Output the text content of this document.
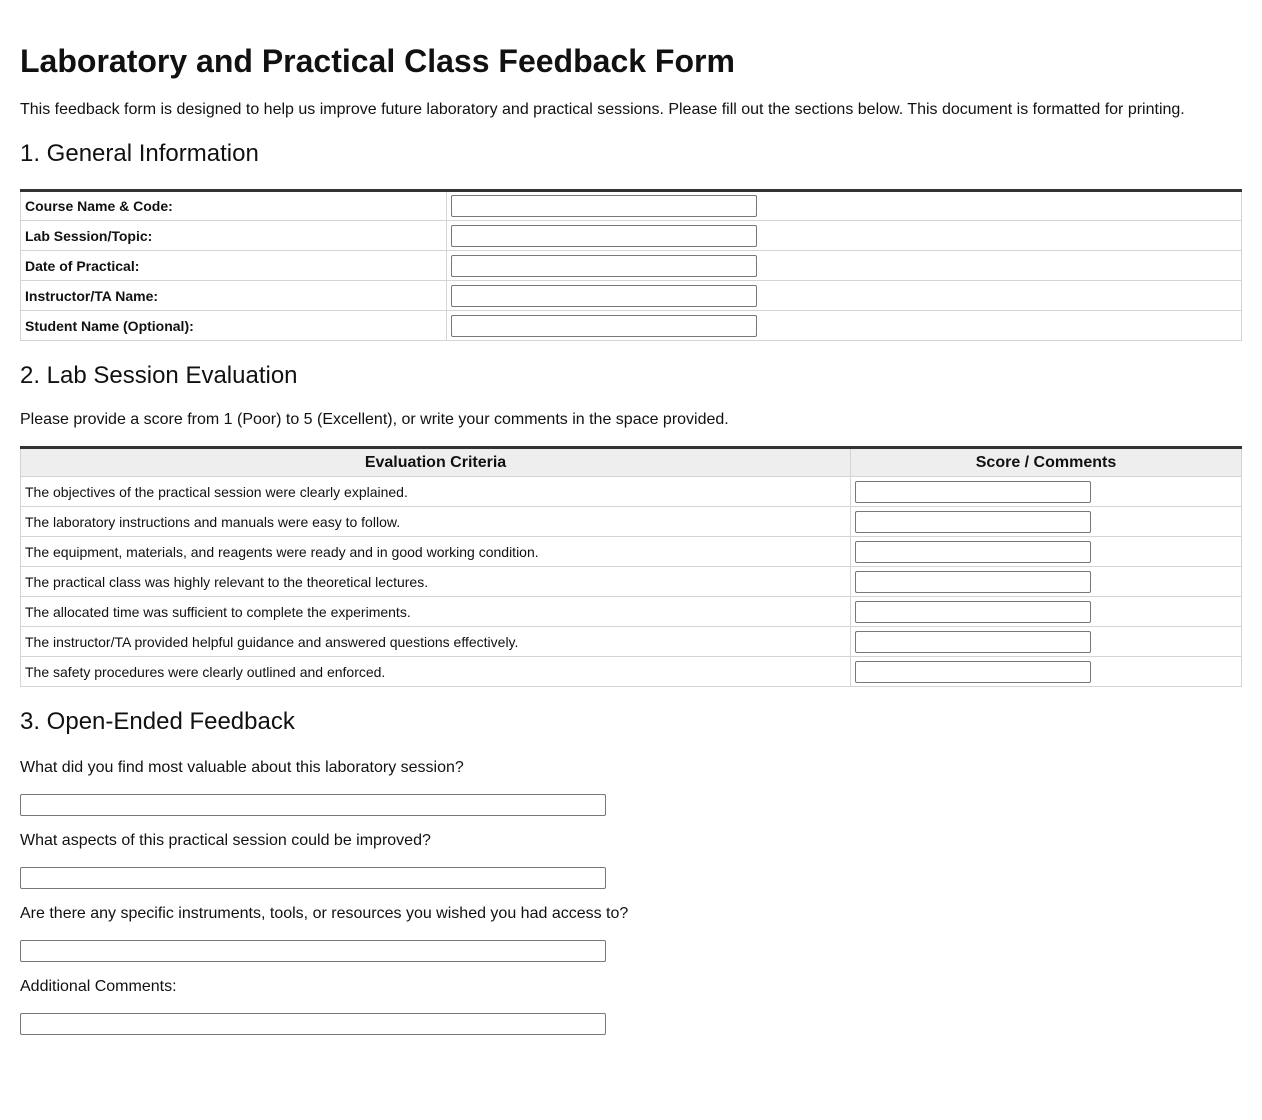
Laboratory and Practical Class Feedback Form

This feedback form is designed to help us improve future laboratory and practical sessions. Please fill out the sections below. This document is formatted for printing.

1. General Information
Course Name & Code:	

Lab Session/Topic:	

Date of Practical:	

Instructor/TA Name:	

Student Name (Optional):	
2. Lab Session Evaluation

Please provide a score from 1 (Poor) to 5 (Excellent), or write your comments in the space provided.

Evaluation Criteria	Score / Comments
The objectives of the practical session were clearly explained.	

The laboratory instructions and manuals were easy to follow.	

The equipment, materials, and reagents were ready and in good working condition.	

The practical class was highly relevant to the theoretical lectures.	

The allocated time was sufficient to complete the experiments.	

The instructor/TA provided helpful guidance and answered questions effectively.	

The safety procedures were clearly outlined and enforced.	
3. Open-Ended Feedback

What did you find most valuable about this laboratory session?

What aspects of this practical session could be improved?

Are there any specific instruments, tools, or resources you wished you had access to?

Additional Comments:
